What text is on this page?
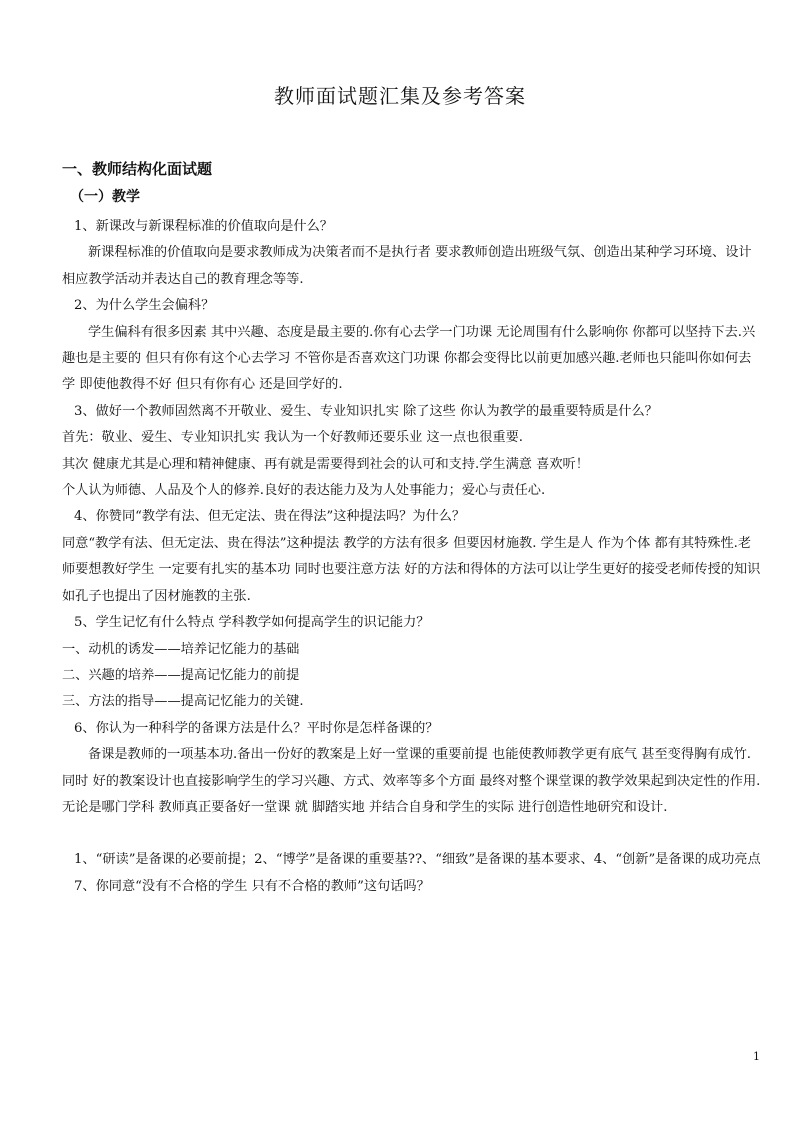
教师面试题汇集及参考答案
一、教师结构化面试题
（一）教学

1、新课改与新课程标准的价值取向是什么？

新课程标准的价值取向是要求教师成为决策者而不是执行者 要求教师创造出班级气氛、创造出某种学习环境、设计相应教学活动并表达自己的教育理念等等.

2、为什么学生会偏科？

学生偏科有很多因素 其中兴趣、态度是最主要的.你有心去学一门功课 无论周围有什么影响你 你都可以坚持下去.兴趣也是主要的 但只有你有这个心去学习 不管你是否喜欢这门功课 你都会变得比以前更加感兴趣.老师也只能叫你如何去学 即使他教得不好 但只有你有心 还是回学好的.

3、做好一个教师固然离不开敬业、爱生、专业知识扎实 除了这些 你认为教学的最重要特质是什么？

首先：敬业、爱生、专业知识扎实 我认为一个好教师还要乐业 这一点也很重要.

其次 健康尤其是心理和精神健康、再有就是需要得到社会的认可和支持.学生满意 喜欢听！

个人认为师德、人品及个人的修养.良好的表达能力及为人处事能力；爱心与责任心.

4、你赞同“教学有法、但无定法、贵在得法”这种提法吗？为什么？

同意“教学有法、但无定法、贵在得法”这种提法 教学的方法有很多 但要因材施教. 学生是人 作为个体 都有其特殊性.老师要想教好学生 一定要有扎实的基本功 同时也要注意方法 好的方法和得体的方法可以让学生更好的接受老师传授的知识 如孔子也提出了因材施教的主张.

5、学生记忆有什么特点 学科教学如何提高学生的识记能力？

一、动机的诱发——培养记忆能力的基础

二、兴趣的培养——提高记忆能力的前提

三、方法的指导——提高记忆能力的关键.

6、你认为一种科学的备课方法是什么？平时你是怎样备课的？

备课是教师的一项基本功.备出一份好的教案是上好一堂课的重要前提 也能使教师教学更有底气 甚至变得胸有成竹.同时 好的教案设计也直接影响学生的学习兴趣、方式、效率等多个方面 最终对整个课堂课的教学效果起到决定性的作用.无论是哪门学科 教师真正要备好一堂课 就 脚踏实地 并结合自身和学生的实际 进行创造性地研究和设计.

1、“研读”是备课的必要前提；2、“博学”是备课的重要基??、“细致”是备课的基本要求、4、“创新”是备课的成功亮点

7、你同意“没有不合格的学生 只有不合格的教师”这句话吗？

1
